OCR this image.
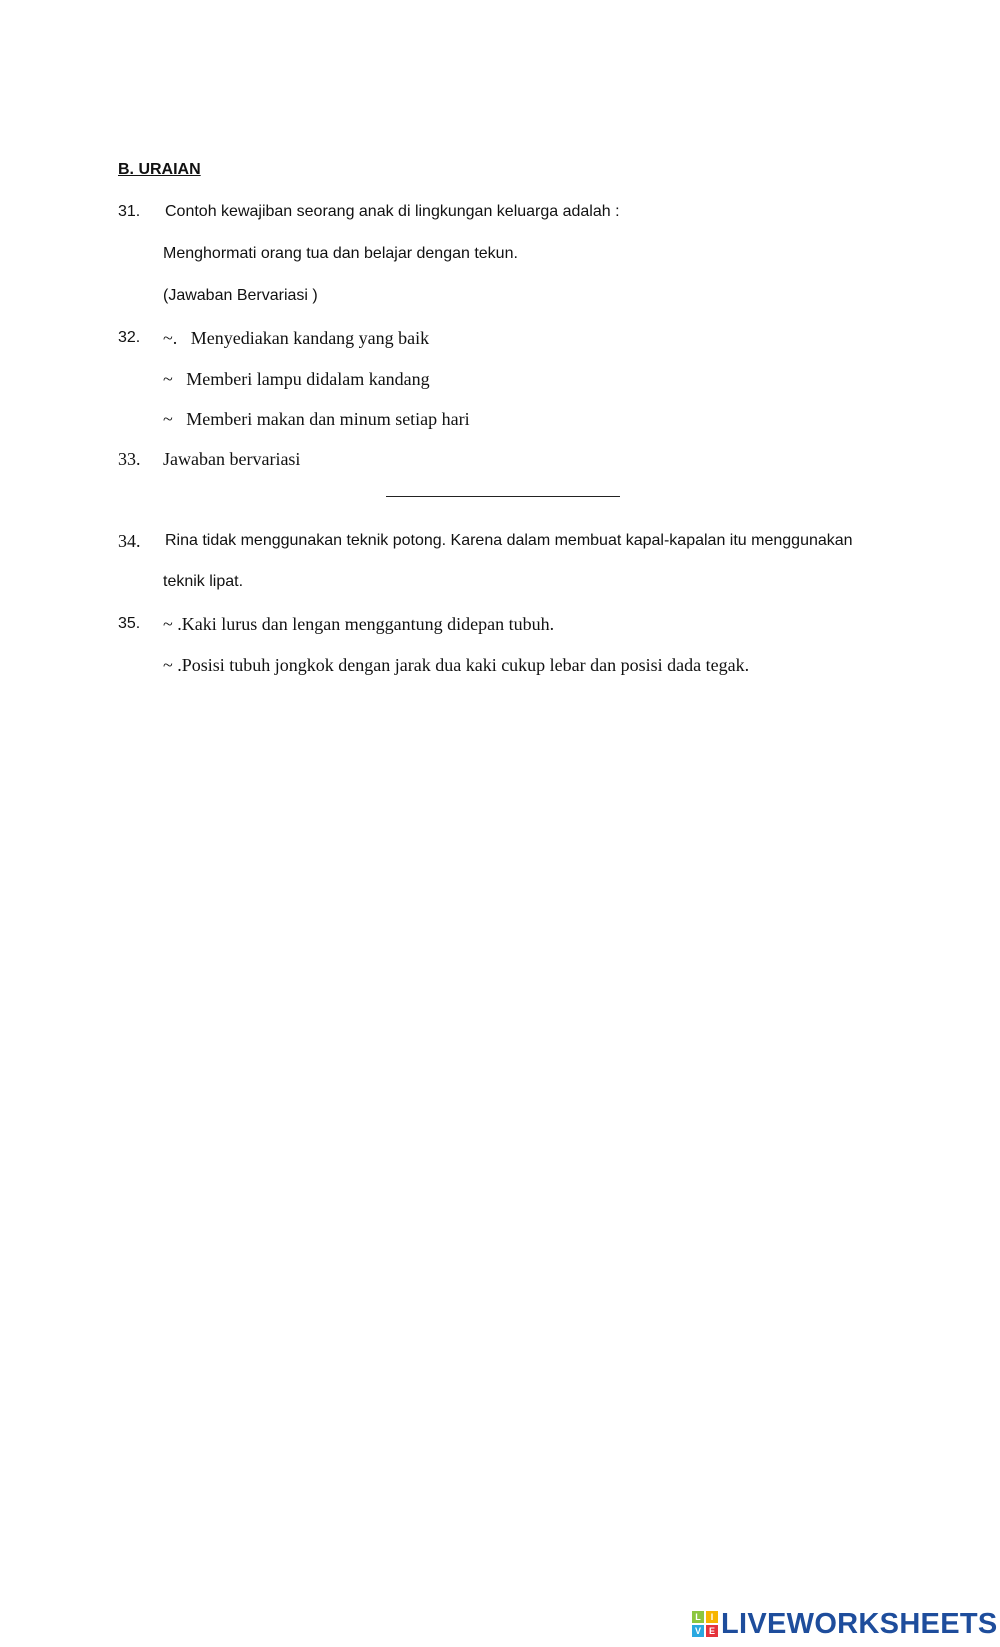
B. URAIAN
31. Contoh kewajiban seorang anak di lingkungan keluarga adalah :
Menghormati orang tua dan belajar dengan tekun.
(Jawaban Bervariasi )
32. ~.   Menyediakan kandang yang baik
~   Memberi lampu didalam kandang
~   Memberi makan dan minum setiap hari
33. Jawaban bervariasi
34. Rina tidak menggunakan teknik potong. Karena dalam membuat kapal-kapalan itu menggunakan
teknik lipat.
35. ~ .Kaki lurus dan lengan menggantung didepan tubuh.
~ .Posisi tubuh jongkok dengan jarak dua kaki cukup lebar dan posisi dada tegak.
L	I
V E LIVEWORKSHEETS
